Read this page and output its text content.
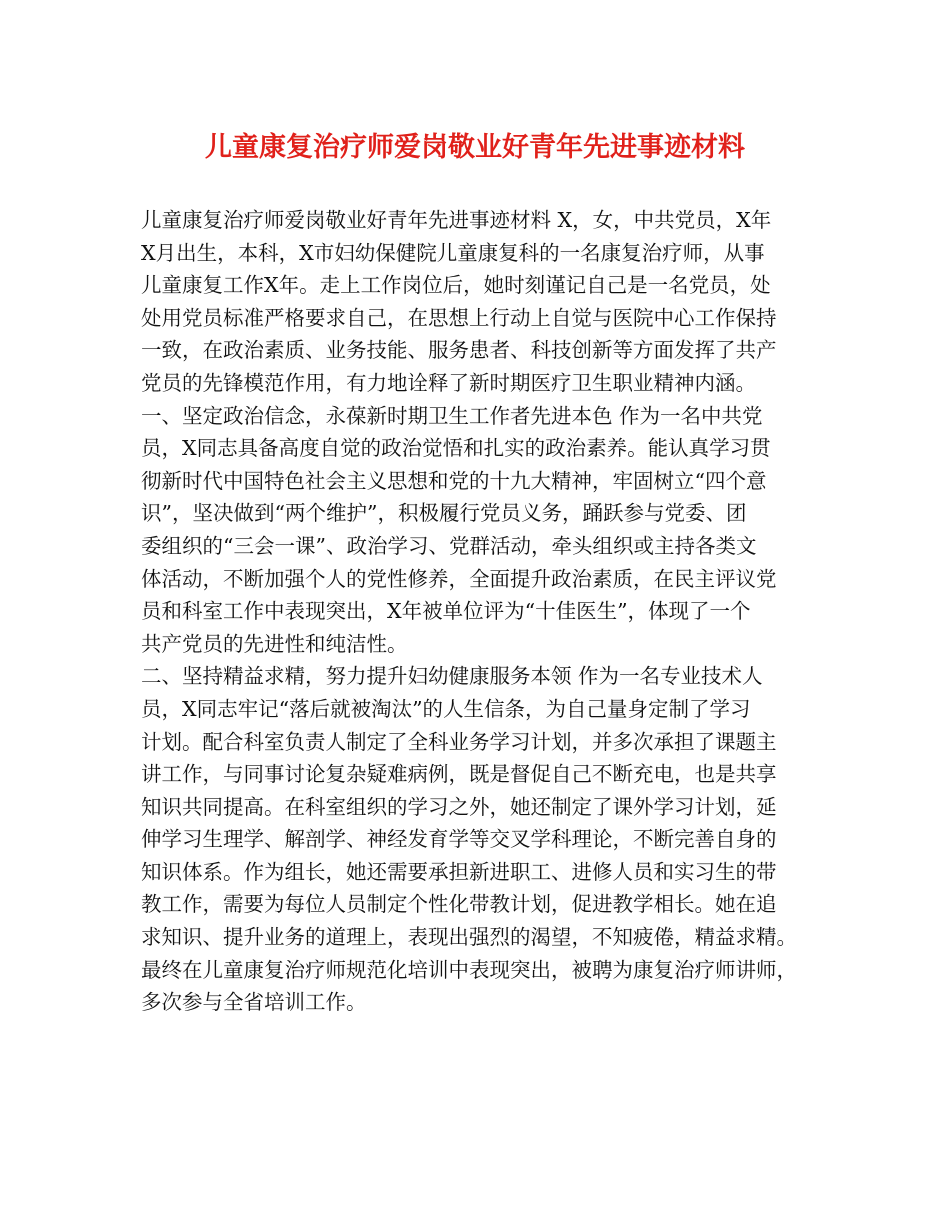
儿童康复治疗师爱岗敬业好青年先进事迹材料
儿童康复治疗师爱岗敬业好青年先进事迹材料 X，女，中共党员，X年
X月出生，本科，X市妇幼保健院儿童康复科的一名康复治疗师，从事
儿童康复工作X年。走上工作岗位后，她时刻谨记自己是一名党员，处
处用党员标准严格要求自己，在思想上行动上自觉与医院中心工作保持
一致，在政治素质、业务技能、服务患者、科技创新等方面发挥了共产
党员的先锋模范作用，有力地诠释了新时期医疗卫生职业精神内涵。
一、坚定政治信念，永葆新时期卫生工作者先进本色 作为一名中共党
员，X同志具备高度自觉的政治觉悟和扎实的政治素养。能认真学习贯
彻新时代中国特色社会主义思想和党的十九大精神，牢固树立“四个意
识”，坚决做到“两个维护”，积极履行党员义务，踊跃参与党委、团
委组织的“三会一课”、政治学习、党群活动，牵头组织或主持各类文
体活动，不断加强个人的党性修养，全面提升政治素质，在民主评议党
员和科室工作中表现突出，X年被单位评为“十佳医生”，体现了一个
共产党员的先进性和纯洁性。
二、坚持精益求精，努力提升妇幼健康服务本领 作为一名专业技术人
员，X同志牢记“落后就被淘汰”的人生信条，为自己量身定制了学习
计划。配合科室负责人制定了全科业务学习计划，并多次承担了课题主
讲工作，与同事讨论复杂疑难病例，既是督促自己不断充电，也是共享
知识共同提高。在科室组织的学习之外，她还制定了课外学习计划，延
伸学习生理学、解剖学、神经发育学等交叉学科理论，不断完善自身的
知识体系。作为组长，她还需要承担新进职工、进修人员和实习生的带
教工作，需要为每位人员制定个性化带教计划，促进教学相长。她在追
求知识、提升业务的道理上，表现出强烈的渴望，不知疲倦，精益求精。
最终在儿童康复治疗师规范化培训中表现突出，被聘为康复治疗师讲师，
多次参与全省培训工作。
